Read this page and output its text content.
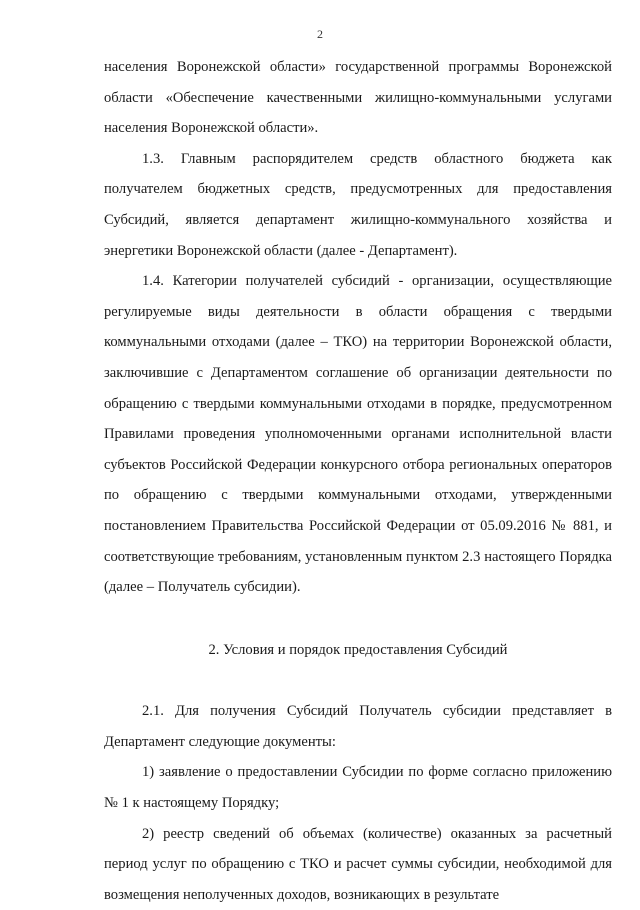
2

населения Воронежской области» государственной программы Воронежской области «Обеспечение качественными жилищно-коммунальными услугами населения Воронежской области».

1.3. Главным распорядителем средств областного бюджета как получателем бюджетных средств, предусмотренных для предоставления Субсидий, является департамент жилищно-коммунального хозяйства и энергетики Воронежской области (далее - Департамент).

1.4. Категории получателей субсидий - организации, осуществляющие регулируемые виды деятельности в области обращения с твердыми коммунальными отходами (далее – ТКО) на территории Воронежской области, заключившие с Департаментом соглашение об организации деятельности по обращению с твердыми коммунальными отходами в порядке, предусмотренном Правилами проведения уполномоченными органами исполнительной власти субъектов Российской Федерации конкурсного отбора региональных операторов по обращению с твердыми коммунальными отходами, утвержденными постановлением Правительства Российской Федерации от 05.09.2016 № 881, и соответствующие требованиям, установленным пунктом 2.3 настоящего Порядка (далее – Получатель субсидии).

2. Условия и порядок предоставления Субсидий

2.1. Для получения Субсидий Получатель субсидии представляет в Департамент следующие документы:

1) заявление о предоставлении Субсидии по форме согласно приложению № 1 к настоящему Порядку;

2) реестр сведений об объемах (количестве) оказанных за расчетный период услуг по обращению с ТКО и расчет суммы субсидии, необходимой для возмещения неполученных доходов, возникающих в результате
